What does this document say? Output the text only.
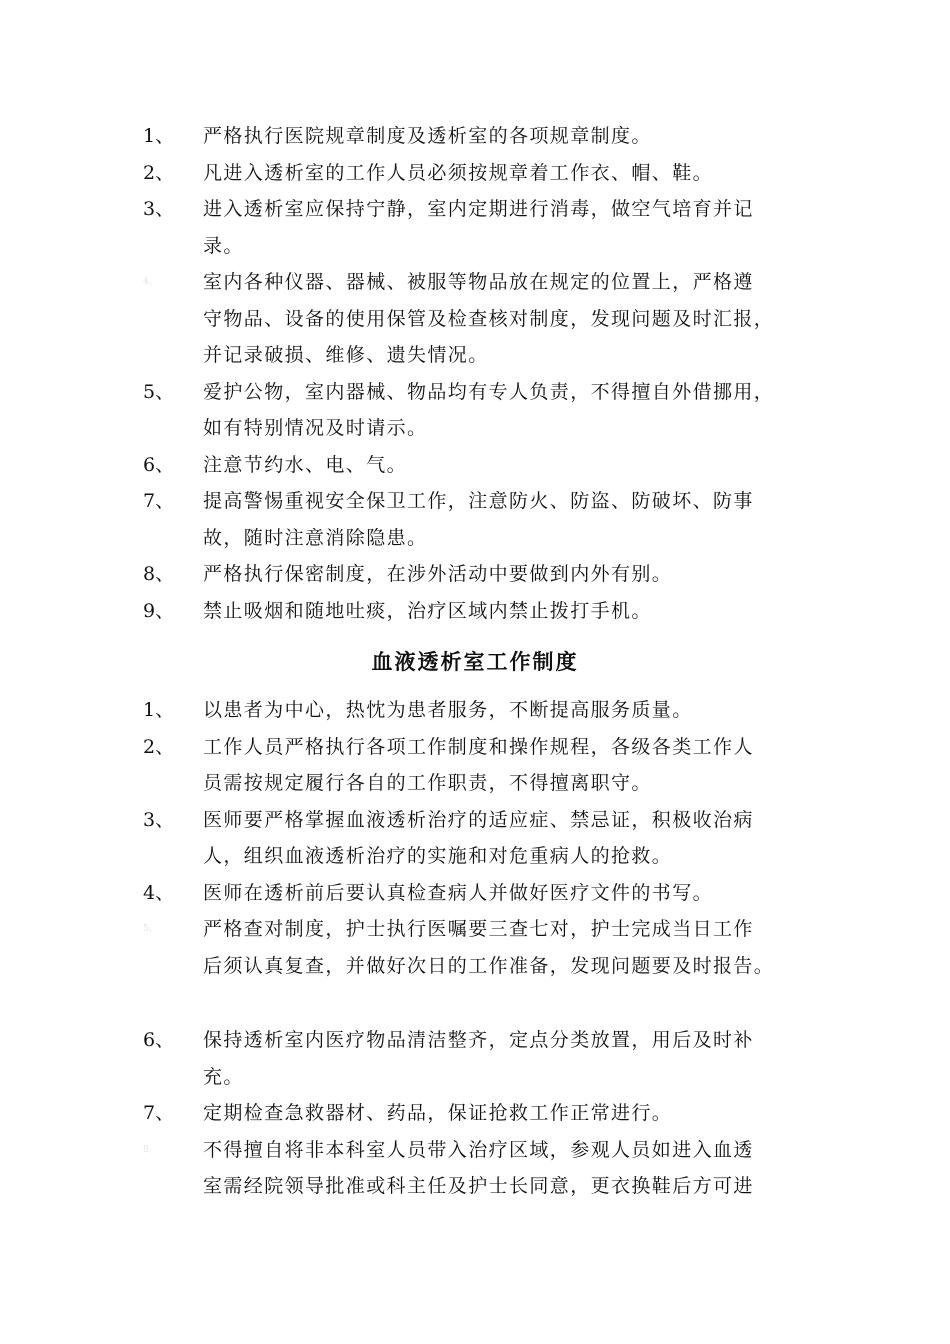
1、	严格执行医院规章制度及透析室的各项规章制度。
2、	凡进入透析室的工作人员必须按规章着工作衣、帽、鞋。
3、	进入透析室应保持宁静，室内定期进行消毒，做空气培育并记
录。
4、	室内各种仪器、器械、被服等物品放在规定的位置上，严格遵
守物品、设备的使用保管及检查核对制度，发现问题及时汇报，
并记录破损、维修、遗失情况。
5、	爱护公物，室内器械、物品均有专人负责，不得擅自外借挪用，
如有特别情况及时请示。
6、	注意节约水、电、气。
7、	提高警惕重视安全保卫工作，注意防火、防盗、防破坏、防事
故，随时注意消除隐患。
8、	严格执行保密制度，在涉外活动中要做到内外有别。
9、	禁止吸烟和随地吐痰，治疗区域内禁止拨打手机。
血液透析室工作制度
1、	以患者为中心，热忱为患者服务，不断提高服务质量。
2、	工作人员严格执行各项工作制度和操作规程，各级各类工作人
员需按规定履行各自的工作职责，不得擅离职守。
3、	医师要严格掌握血液透析治疗的适应症、禁忌证，积极收治病
人，组织血液透析治疗的实施和对危重病人的抢救。
4、	医师在透析前后要认真检查病人并做好医疗文件的书写。
5、	严格查对制度，护士执行医嘱要三查七对，护士完成当日工作
后须认真复查，并做好次日的工作准备，发现问题要及时报告。
6、	保持透析室内医疗物品清洁整齐，定点分类放置，用后及时补
充。
7、	定期检查急救器材、药品，保证抢救工作正常进行。
8、	不得擅自将非本科室人员带入治疗区域，参观人员如进入血透
室需经院领导批准或科主任及护士长同意，更衣换鞋后方可进
